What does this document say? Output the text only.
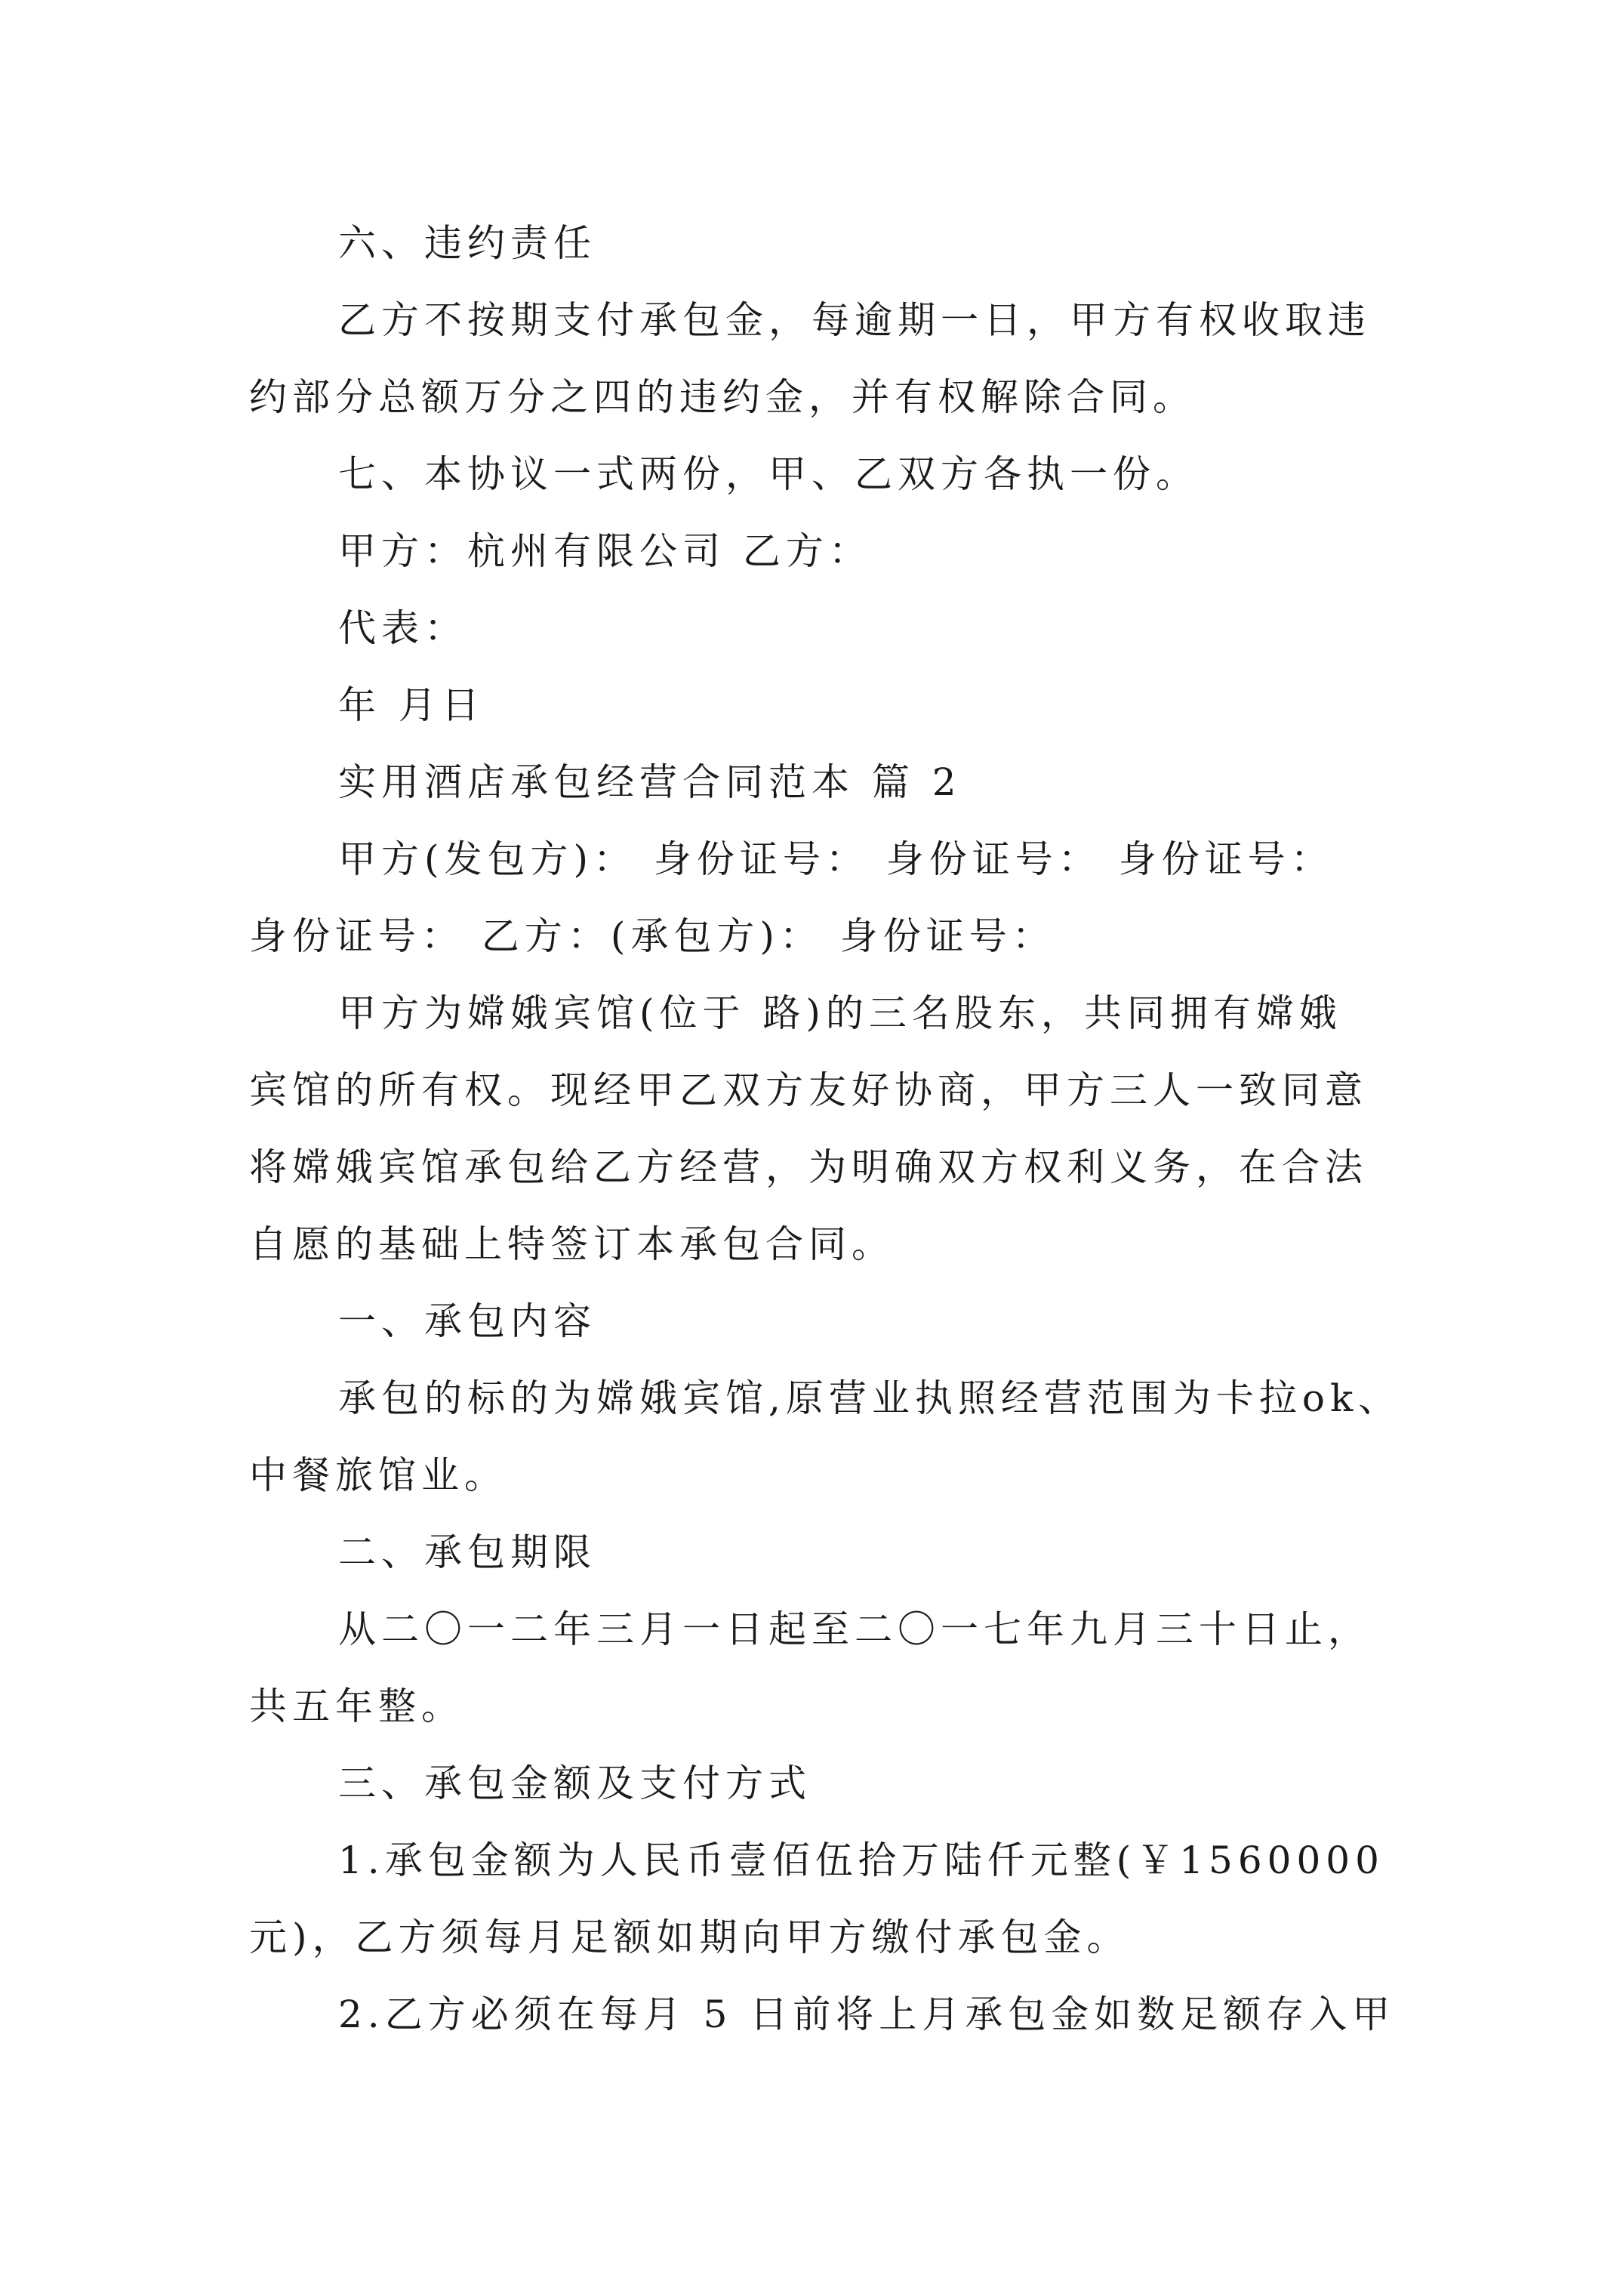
六、违约责任
乙方不按期支付承包金，每逾期一日，甲方有权收取违
约部分总额万分之四的违约金，并有权解除合同。
七、本协议一式两份，甲、乙双方各执一份。
甲方：杭州有限公司 乙方：
代表：
年 月日
实用酒店承包经营合同范本 篇 2
甲方(发包方)： 身份证号： 身份证号： 身份证号：
身份证号： 乙方：(承包方)： 身份证号：
甲方为嫦娥宾馆(位于 路)的三名股东，共同拥有嫦娥
宾馆的所有权。现经甲乙双方友好协商，甲方三人一致同意
将嫦娥宾馆承包给乙方经营，为明确双方权利义务，在合法
自愿的基础上特签订本承包合同。
一、承包内容
承包的标的为嫦娥宾馆,原营业执照经营范围为卡拉ok、
中餐旅馆业。
二、承包期限
从二〇一二年三月一日起至二〇一七年九月三十日止，
共五年整。
三、承包金额及支付方式
1.承包金额为人民币壹佰伍拾万陆仟元整(￥1560000
元)，乙方须每月足额如期向甲方缴付承包金。
2.乙方必须在每月 5 日前将上月承包金如数足额存入甲
